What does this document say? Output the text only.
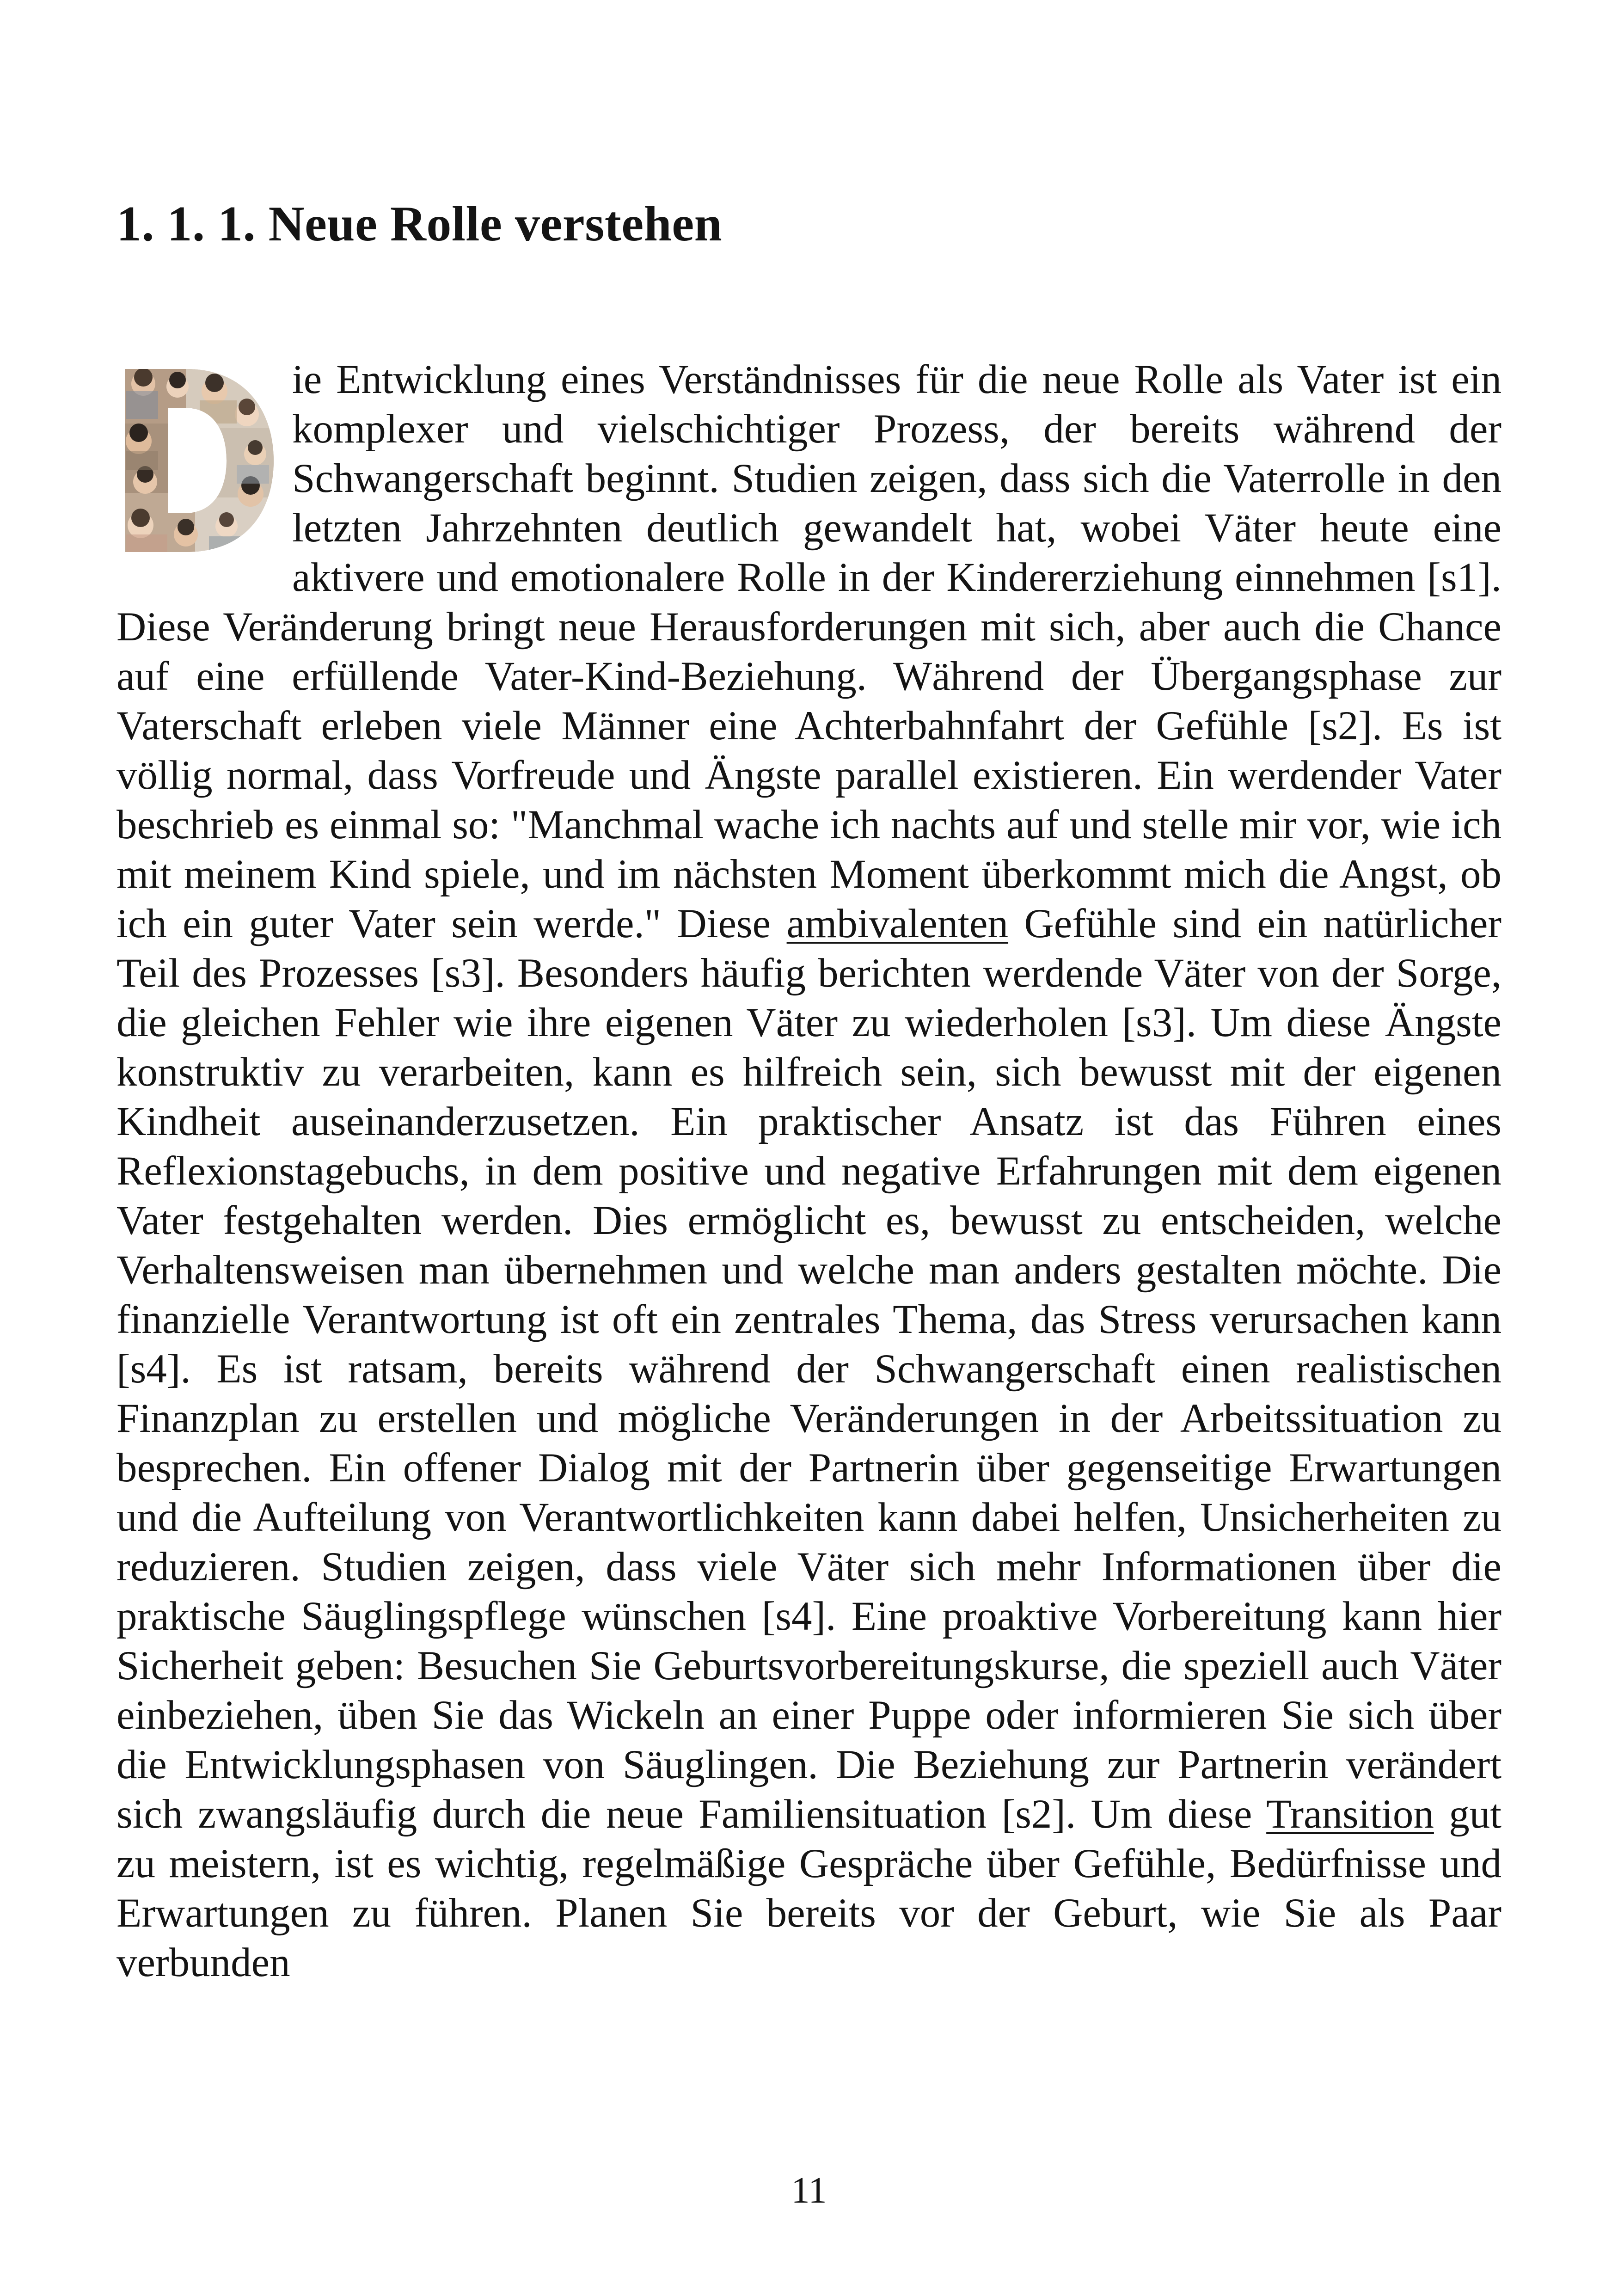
1. 1. 1. Neue Rolle verstehen

ie Entwicklung eines Verständnisses für die neue Rolle als Vater ist ein komplexer und vielschichtiger Prozess, der bereits während der Schwangerschaft beginnt. Studien zeigen, dass sich die Vaterrolle in den letzten Jahrzehnten deutlich gewandelt hat, wobei Väter heute eine aktivere und emotionalere Rolle in der Kindererziehung einnehmen [s1]. Diese Veränderung bringt neue Herausforderungen mit sich, aber auch die Chance auf eine erfüllende Vater-Kind-Beziehung. Während der Übergangsphase zur Vaterschaft erleben viele Männer eine Achterbahnfahrt der Gefühle [s2]. Es ist völlig normal, dass Vorfreude und Ängste parallel existieren. Ein werdender Vater beschrieb es einmal so: "Manchmal wache ich nachts auf und stelle mir vor, wie ich mit meinem Kind spiele, und im nächsten Moment überkommt mich die Angst, ob ich ein guter Vater sein werde." Diese ambivalenten Gefühle sind ein natürlicher Teil des Prozesses [s3]. Besonders häufig berichten werdende Väter von der Sorge, die gleichen Fehler wie ihre eigenen Väter zu wiederholen [s3]. Um diese Ängste konstruktiv zu verarbeiten, kann es hilfreich sein, sich bewusst mit der eigenen Kindheit auseinanderzusetzen. Ein praktischer Ansatz ist das Führen eines Reflexionstagebuchs, in dem positive und negative Erfahrungen mit dem eigenen Vater festgehalten werden. Dies ermöglicht es, bewusst zu entscheiden, welche Verhaltensweisen man übernehmen und welche man anders gestalten möchte. Die finanzielle Verantwortung ist oft ein zentrales Thema, das Stress verursachen kann [s4]. Es ist ratsam, bereits während der Schwangerschaft einen realistischen Finanzplan zu erstellen und mögliche Veränderungen in der Arbeitssituation zu besprechen. Ein offener Dialog mit der Partnerin über gegenseitige Erwartungen und die Aufteilung von Verantwortlichkeiten kann dabei helfen, Unsicherheiten zu reduzieren. Studien zeigen, dass viele Väter sich mehr Informationen über die praktische Säuglingspflege wünschen [s4]. Eine proaktive Vorbereitung kann hier Sicherheit geben: Besuchen Sie Geburtsvorbereitungskurse, die speziell auch Väter einbeziehen, üben Sie das Wickeln an einer Puppe oder informieren Sie sich über die Entwicklungsphasen von Säuglingen. Die Beziehung zur Partnerin verändert sich zwangsläufig durch die neue Familiensituation [s2]. Um diese Transition gut zu meistern, ist es wichtig, regelmäßige Gespräche über Gefühle, Bedürfnisse und Erwartungen zu führen. Planen Sie bereits vor der Geburt, wie Sie als Paar verbunden

11
